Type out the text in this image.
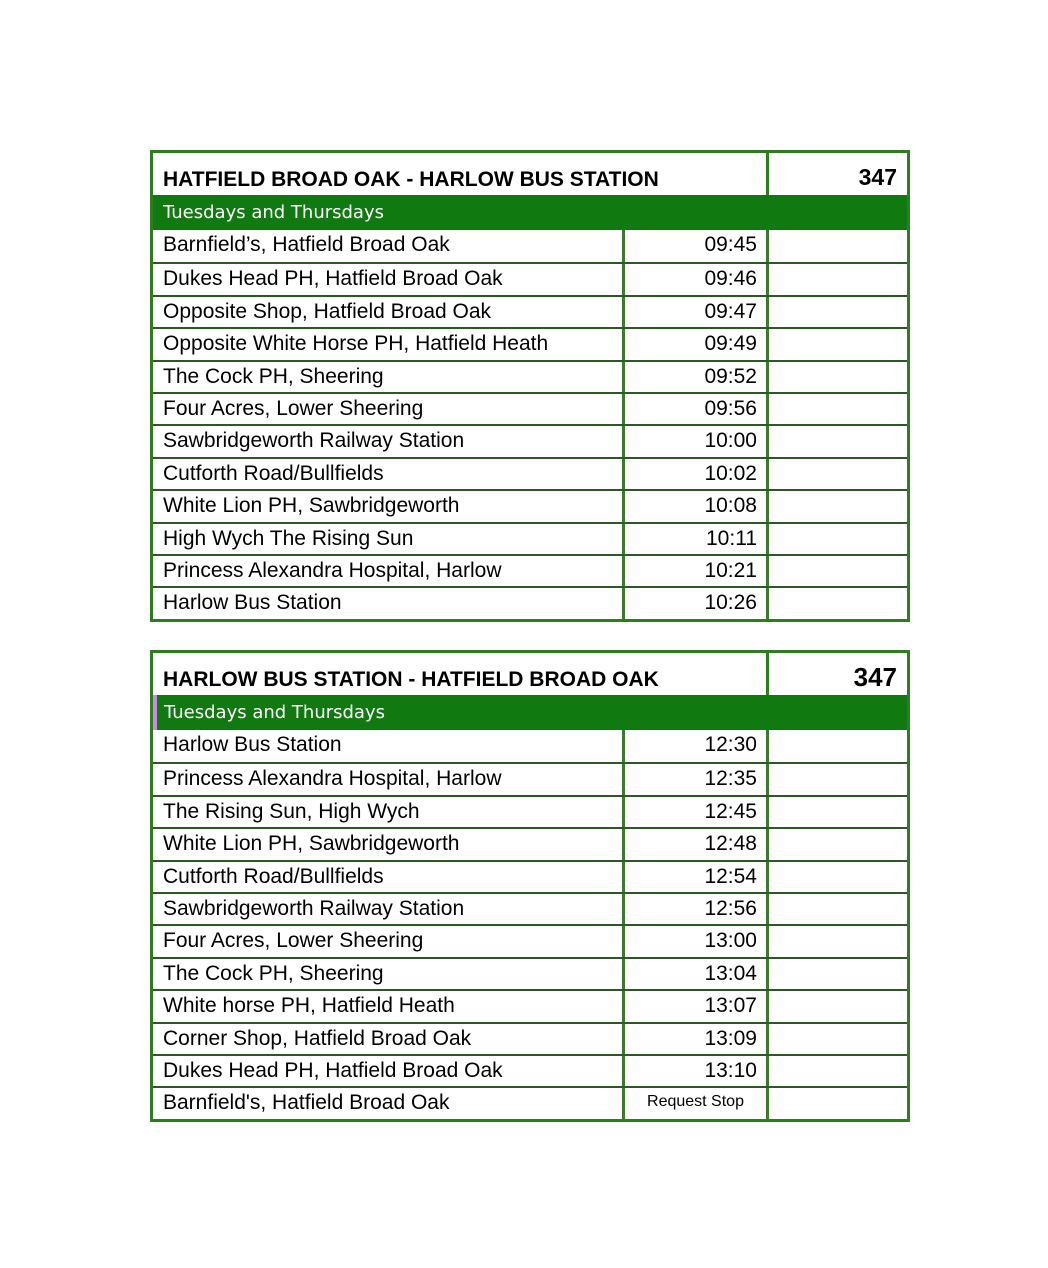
HATFIELD BROAD OAK - HARLOW BUS STATION	347
Tuesdays and Thursdays
Barnfield’s, Hatfield Broad Oak	09:45
Dukes Head PH, Hatfield Broad Oak	09:46
Opposite Shop, Hatfield Broad Oak	09:47
Opposite White Horse PH, Hatfield Heath	09:49
The Cock PH, Sheering	09:52
Four Acres, Lower Sheering	09:56
Sawbridgeworth Railway Station	10:00
Cutforth Road/Bullfields	10:02
White Lion PH, Sawbridgeworth	10:08
High Wych The Rising Sun	10:11
Princess Alexandra Hospital, Harlow	10:21
Harlow Bus Station	10:26
HARLOW BUS STATION - HATFIELD BROAD OAK	347
Tuesdays and Thursdays
Harlow Bus Station	12:30
Princess Alexandra Hospital, Harlow	12:35
The Rising Sun, High Wych	12:45
White Lion PH, Sawbridgeworth	12:48
Cutforth Road/Bullfields	12:54
Sawbridgeworth Railway Station	12:56
Four Acres, Lower Sheering	13:00
The Cock PH, Sheering	13:04
White horse PH, Hatfield Heath	13:07
Corner Shop, Hatfield Broad Oak	13:09
Dukes Head PH, Hatfield Broad Oak	13:10
Barnfield's, Hatfield Broad Oak	Request Stop
